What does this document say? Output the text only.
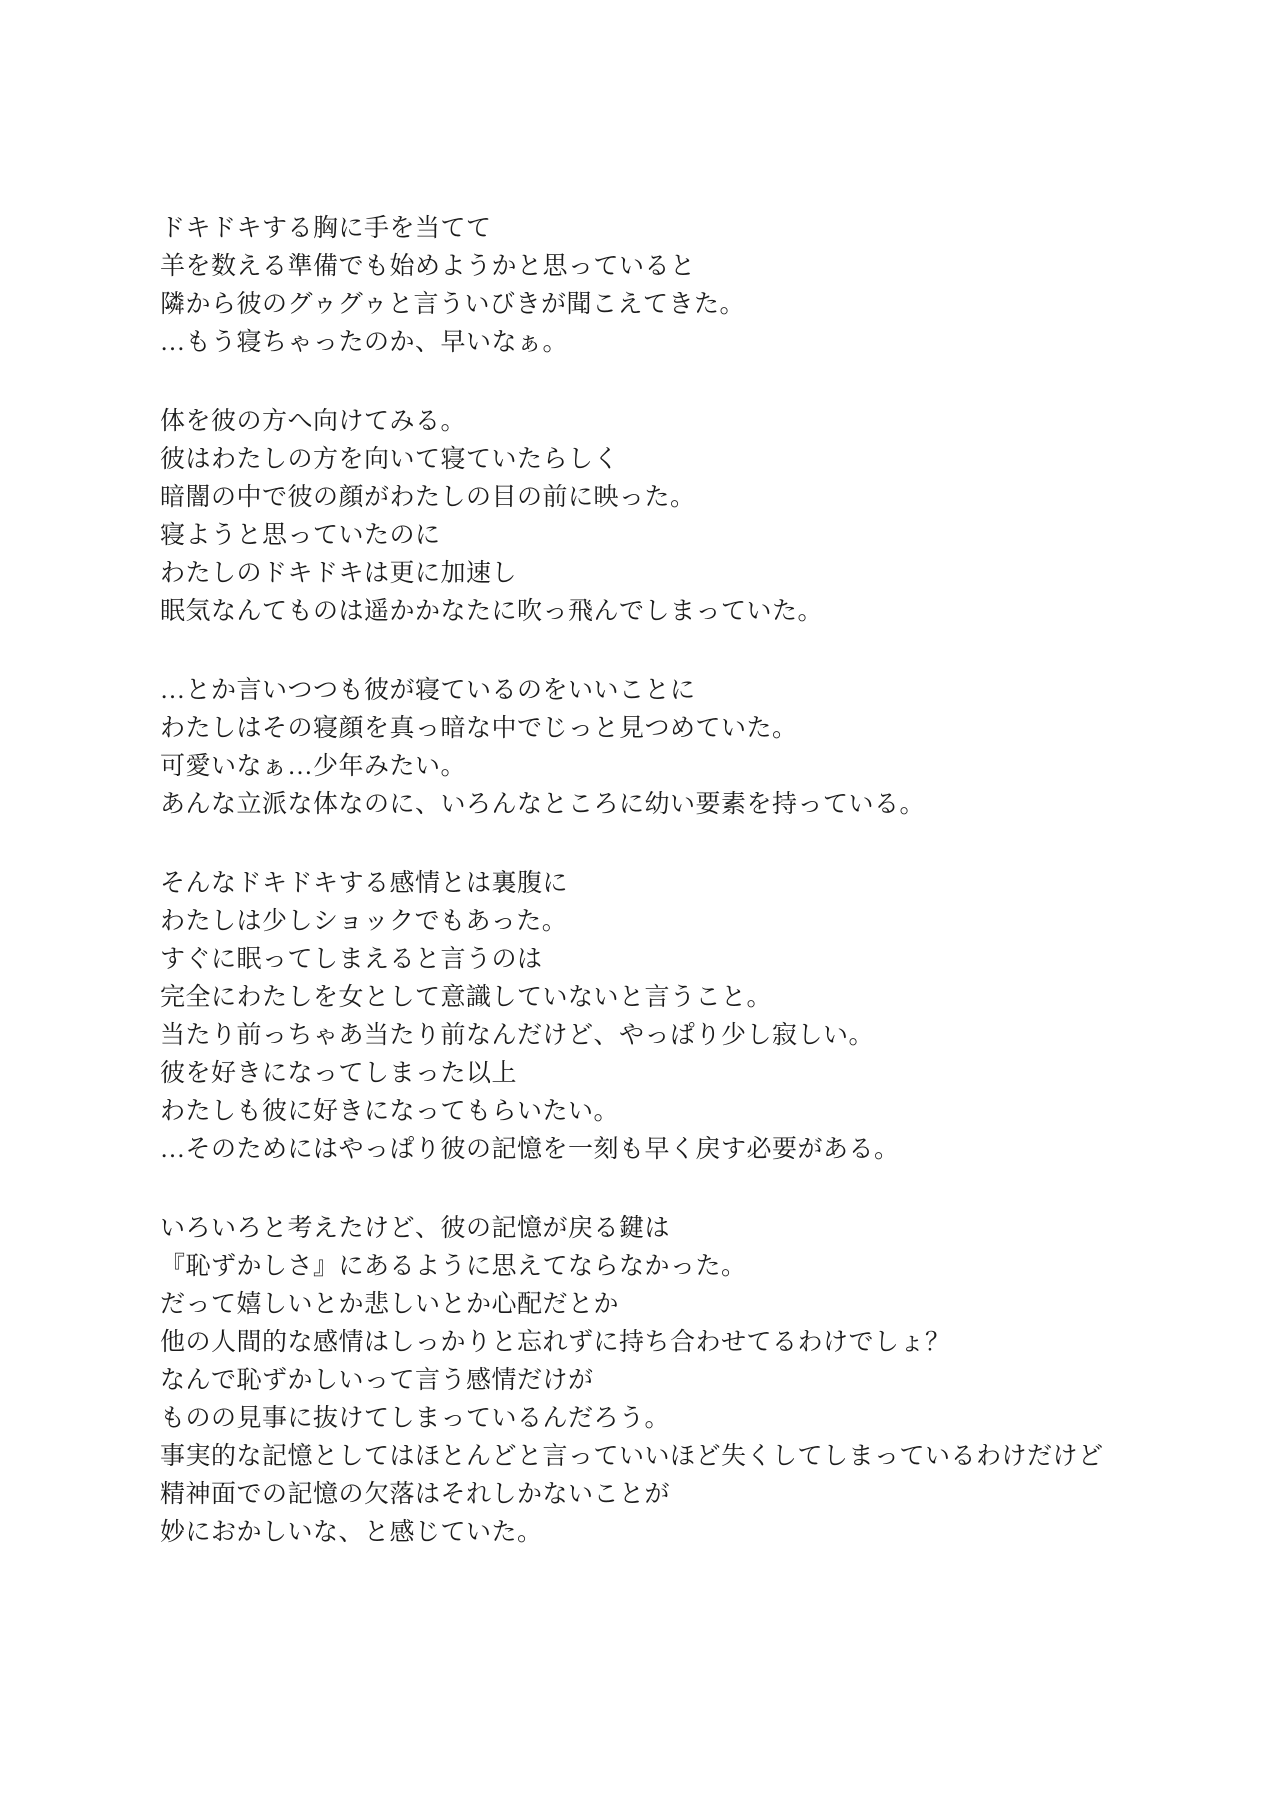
ドキドキする胸に手を当てて

羊を数える準備でも始めようかと思っていると

隣から彼のグゥグゥと言ういびきが聞こえてきた。

…もう寝ちゃったのか、早いなぁ。

体を彼の方へ向けてみる。

彼はわたしの方を向いて寝ていたらしく

暗闇の中で彼の顔がわたしの目の前に映った。

寝ようと思っていたのに

わたしのドキドキは更に加速し

眠気なんてものは遥かかなたに吹っ飛んでしまっていた。

…とか言いつつも彼が寝ているのをいいことに

わたしはその寝顔を真っ暗な中でじっと見つめていた。

可愛いなぁ…少年みたい。

あんな立派な体なのに、いろんなところに幼い要素を持っている。

そんなドキドキする感情とは裏腹に

わたしは少しショックでもあった。

すぐに眠ってしまえると言うのは

完全にわたしを女として意識していないと言うこと。

当たり前っちゃあ当たり前なんだけど、やっぱり少し寂しい。

彼を好きになってしまった以上

わたしも彼に好きになってもらいたい。

…そのためにはやっぱり彼の記憶を一刻も早く戻す必要がある。

いろいろと考えたけど、彼の記憶が戻る鍵は

『恥ずかしさ』にあるように思えてならなかった。

だって嬉しいとか悲しいとか心配だとか

他の人間的な感情はしっかりと忘れずに持ち合わせてるわけでしょ？

なんで恥ずかしいって言う感情だけが

ものの見事に抜けてしまっているんだろう。

事実的な記憶としてはほとんどと言っていいほど失くしてしまっているわけだけど

精神面での記憶の欠落はそれしかないことが

妙におかしいな、と感じていた。
